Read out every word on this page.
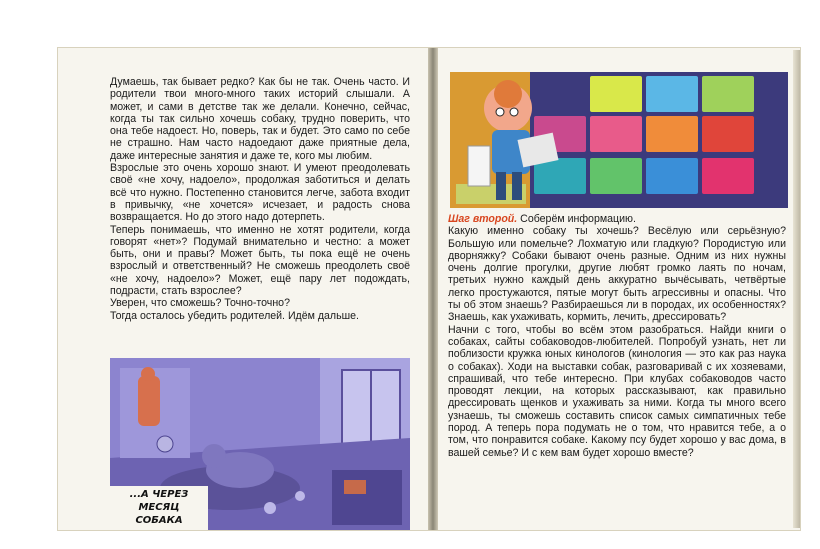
Думаешь, так бывает редко? Как бы не так. Очень часто. И родители твои много-много таких историй слышали. А может, и сами в детстве так же делали. Конечно, сейчас, когда ты так сильно хочешь собаку, трудно поверить, что она тебе надоест. Но, поверь, так и будет. Это само по себе не страшно. Нам часто надоедают даже приятные дела, даже интересные занятия и даже те, кого мы любим.

Взрослые это очень хорошо знают. И умеют преодолевать своё «не хочу, надоело», продолжая заботиться и делать всё что нужно. Постепенно становится легче, забота входит в привычку, «не хочется» исчезает, и радость снова возвращается. Но до этого надо дотерпеть.

Теперь понимаешь, что именно не хотят родители, когда говорят «нет»? Подумай внимательно и честно: а может быть, они и правы? Может быть, ты пока ещё не очень взрослый и ответственный? Не сможешь преодолеть своё «не хочу, надоело»? Может, ещё пару лет подождать, подрасти, стать взрослее?

Уверен, что сможешь? Точно-точно?

Тогда осталось убедить родителей. Идём дальше.

...А ЧЕРЕЗ МЕСЯЦ СОБАКА

Шаг второй. Соберём информацию.

Какую именно собаку ты хочешь? Весёлую или серьёзную? Большую или помельче? Лохматую или гладкую? Породистую или дворняжку? Собаки бывают очень разные. Одним из них нужны очень долгие прогулки, другие любят громко лаять по ночам, третьих нужно каждый день аккуратно вычёсывать, четвёртые легко простужаются, пятые могут быть агрессивны и опасны. Что ты об этом знаешь? Разбираешься ли в породах, их особенностях? Знаешь, как ухаживать, кормить, лечить, дрессировать?

Начни с того, чтобы во всём этом разобраться. Найди книги о собаках, сайты собаководов-любителей. Попробуй узнать, нет ли поблизости кружка юных кинологов (кинология — это как раз наука о собаках). Ходи на выставки собак, разговаривай с их хозяевами, спрашивай, что тебе интересно. При клубах собаководов часто проводят лекции, на которых рассказывают, как правильно дрессировать щенков и ухаживать за ними. Когда ты много всего узнаешь, ты сможешь составить список самых симпатичных тебе пород. А теперь пора подумать не о том, что нравится тебе, а о том, что понравится собаке. Какому псу будет хорошо у вас дома, в вашей семье? И с кем вам будет хорошо вместе?
